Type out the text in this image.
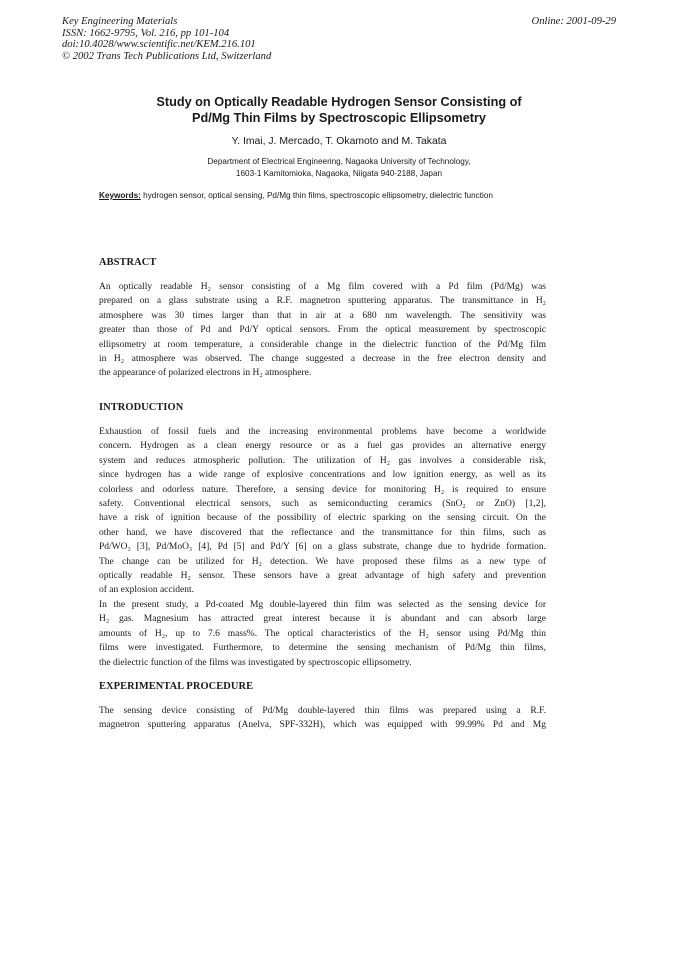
Key Engineering Materials
ISSN: 1662-9795, Vol. 216, pp 101-104
doi:10.4028/www.scientific.net/KEM.216.101
© 2002 Trans Tech Publications Ltd, Switzerland
Online: 2001-09-29
Study on Optically Readable Hydrogen Sensor Consisting of
Pd/Mg Thin Films by Spectroscopic Ellipsometry
Y. Imai, J. Mercado, T. Okamoto and M. Takata
Department of Electrical Engineering, Nagaoka University of Technology,
1603-1 Kamitomioka, Nagaoka, Niigata 940-2188, Japan
Keywords: hydrogen sensor, optical sensing, Pd/Mg thin films, spectroscopic ellipsometry, dielectric function
ABSTRACT
An optically readable H₂ sensor consisting of a Mg film covered with a Pd film (Pd/Mg) was
prepared on a glass substrate using a R.F. magnetron sputtering apparatus. The transmittance in H₂
atmosphere was 30 times larger than that in air at a 680 nm wavelength. The sensitivity was
greater than those of Pd and Pd/Y optical sensors. From the optical measurement by spectroscopic
ellipsometry at room temperature, a considerable change in the dielectric function of the Pd/Mg film
in H₂ atmosphere was observed. The change suggested a decrease in the free electron density and
the appearance of polarized electrons in H₂ atmosphere.
INTRODUCTION
Exhaustion of fossil fuels and the increasing environmental problems have become a worldwide
concern. Hydrogen as a clean energy resource or as a fuel gas provides an alternative energy
system and reduces atmospheric pollution. The utilization of H₂ gas involves a considerable risk,
since hydrogen has a wide range of explosive concentrations and low ignition energy, as well as its
colorless and odorless nature. Therefore, a sensing device for monitoring H₂ is required to ensure
safety. Conventional electrical sensors, such as semiconducting ceramics (SnO₂ or ZnO) [1,2],
have a risk of ignition because of the possibility of electric sparking on the sensing circuit. On the
other hand, we have discovered that the reflectance and the transmittance for thin films, such as
Pd/WO₃ [3], Pd/MoO₃ [4], Pd [5] and Pd/Y [6] on a glass substrate, change due to hydride formation.
The change can be utilized for H₂ detection. We have proposed these films as a new type of
optically readable H₂ sensor. These sensors have a great advantage of high safety and prevention
of an explosion accident.
In the present study, a Pd-coated Mg double-layered thin film was selected as the sensing device for
H₂ gas. Magnesium has attracted great interest because it is abundant and can absorb large
amounts of H₂, up to 7.6 mass%. The optical characteristics of the H₂ sensor using Pd/Mg thin
films were investigated. Furthermore, to determine the sensing mechanism of Pd/Mg thin films,
the dielectric function of the films was investigated by spectroscopic ellipsometry.
EXPERIMENTAL PROCEDURE
The sensing device consisting of Pd/Mg double-layered thin films was prepared using a R.F.
magnetron sputtering apparatus (Anelva, SPF-332H), which was equipped with 99.99% Pd and Mg
